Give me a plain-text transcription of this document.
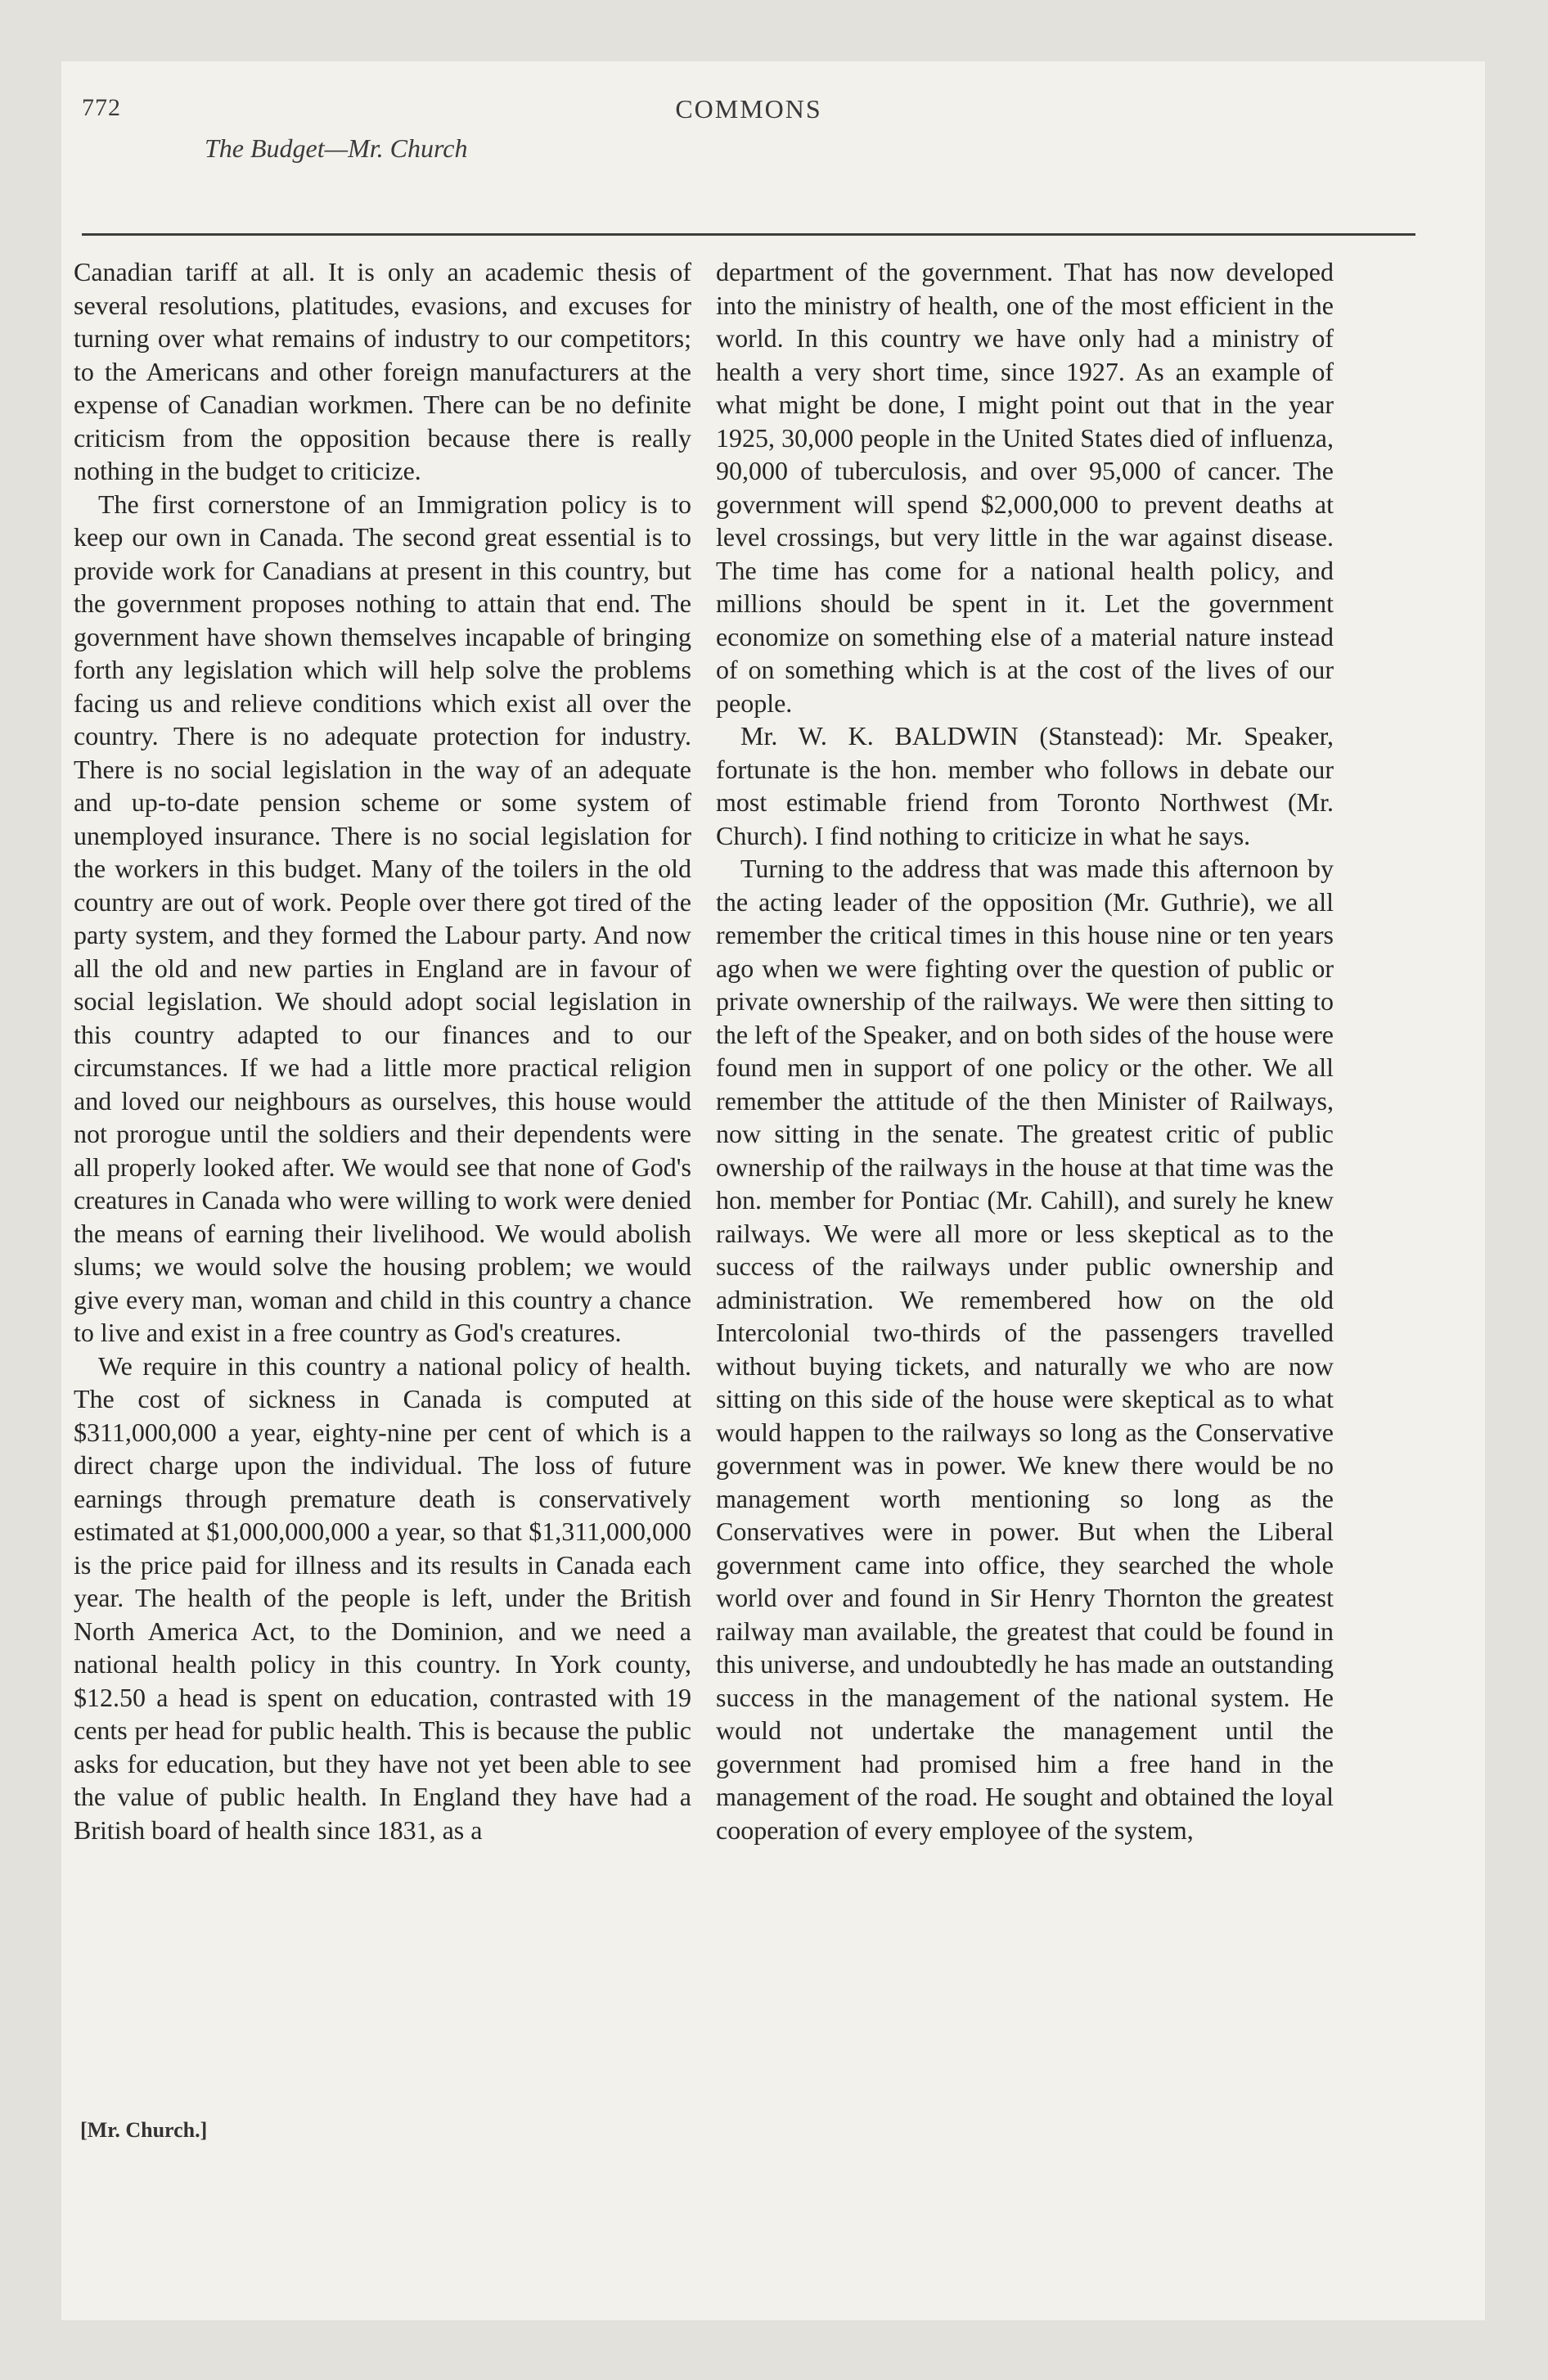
772	COMMONS
The Budget—Mr. Church

Canadian tariff at all. It is only an academic thesis of several resolutions, platitudes, evasions, and excuses for turning over what remains of industry to our competitors; to the Americans and other foreign manufacturers at the expense of Canadian workmen. There can be no definite criticism from the opposition because there is really nothing in the budget to criticize.

The first cornerstone of an Immigration policy is to keep our own in Canada. The second great essential is to provide work for Canadians at present in this country, but the government proposes nothing to attain that end. The government have shown themselves incapable of bringing forth any legislation which will help solve the problems facing us and relieve conditions which exist all over the country. There is no adequate protection for industry. There is no social legislation in the way of an adequate and up-to-date pension scheme or some system of unemployed insurance. There is no social legislation for the workers in this budget. Many of the toilers in the old country are out of work. People over there got tired of the party system, and they formed the Labour party. And now all the old and new parties in England are in favour of social legislation. We should adopt social legislation in this country adapted to our finances and to our circumstances. If we had a little more practical religion and loved our neighbours as ourselves, this house would not prorogue until the soldiers and their dependents were all properly looked after. We would see that none of God's creatures in Canada who were willing to work were denied the means of earning their livelihood. We would abolish slums; we would solve the housing problem; we would give every man, woman and child in this country a chance to live and exist in a free country as God's creatures.

We require in this country a national policy of health. The cost of sickness in Canada is computed at $311,000,000 a year, eighty-nine per cent of which is a direct charge upon the individual. The loss of future earnings through premature death is conservatively estimated at $1,000,000,000 a year, so that $1,311,000,000 is the price paid for illness and its results in Canada each year. The health of the people is left, under the British North America Act, to the Dominion, and we need a national health policy in this country. In York county, $12.50 a head is spent on education, contrasted with 19 cents per head for public health. This is because the public asks for education, but they have not yet been able to see the value of public health. In England they have had a British board of health since 1831, as a

department of the government. That has now developed into the ministry of health, one of the most efficient in the world. In this country we have only had a ministry of health a very short time, since 1927. As an example of what might be done, I might point out that in the year 1925, 30,000 people in the United States died of influenza, 90,000 of tuberculosis, and over 95,000 of cancer. The government will spend $2,000,000 to prevent deaths at level crossings, but very little in the war against disease. The time has come for a national health policy, and millions should be spent in it. Let the government economize on something else of a material nature instead of on something which is at the cost of the lives of our people.

Mr. W. K. BALDWIN (Stanstead): Mr. Speaker, fortunate is the hon. member who follows in debate our most estimable friend from Toronto Northwest (Mr. Church). I find nothing to criticize in what he says.

Turning to the address that was made this afternoon by the acting leader of the opposition (Mr. Guthrie), we all remember the critical times in this house nine or ten years ago when we were fighting over the question of public or private ownership of the railways. We were then sitting to the left of the Speaker, and on both sides of the house were found men in support of one policy or the other. We all remember the attitude of the then Minister of Railways, now sitting in the senate. The greatest critic of public ownership of the railways in the house at that time was the hon. member for Pontiac (Mr. Cahill), and surely he knew railways. We were all more or less skeptical as to the success of the railways under public ownership and administration. We remembered how on the old Intercolonial two-thirds of the passengers travelled without buying tickets, and naturally we who are now sitting on this side of the house were skeptical as to what would happen to the railways so long as the Conservative government was in power. We knew there would be no management worth mentioning so long as the Conservatives were in power. But when the Liberal government came into office, they searched the whole world over and found in Sir Henry Thornton the greatest railway man available, the greatest that could be found in this universe, and undoubtedly he has made an outstanding success in the management of the national system. He would not undertake the management until the government had promised him a free hand in the management of the road. He sought and obtained the loyal cooperation of every employee of the system,

[Mr. Church.]
